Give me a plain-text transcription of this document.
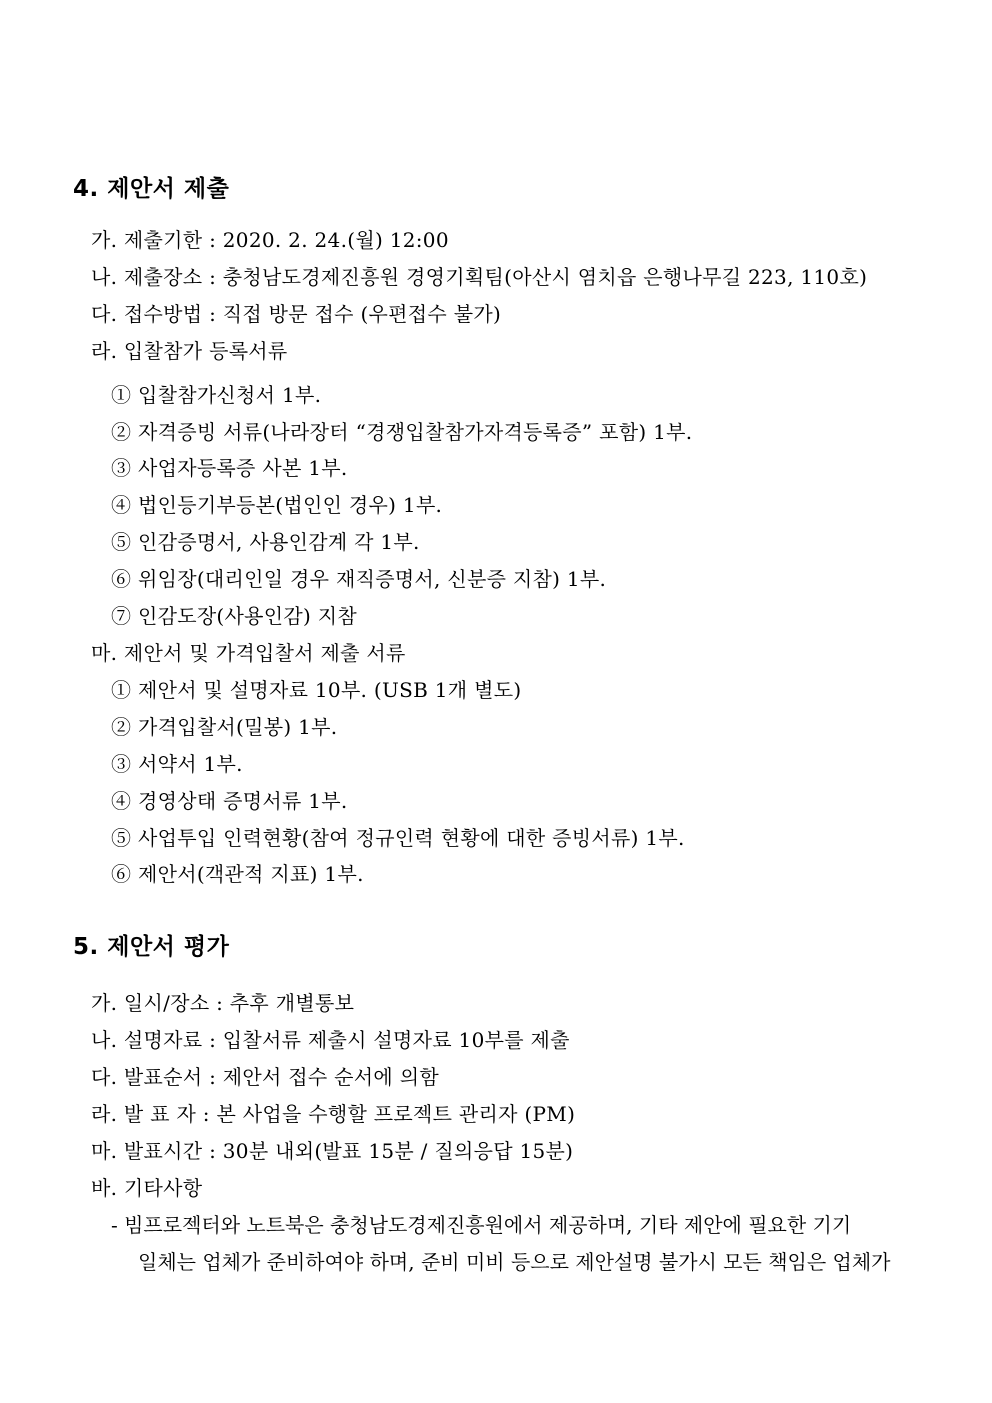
4. 제안서 제출
가. 제출기한 : 2020. 2. 24.(월) 12:00
나. 제출장소 : 충청남도경제진흥원 경영기획팀(아산시 염치읍 은행나무길 223, 110호)
다. 접수방법 : 직접 방문 접수 (우편접수 불가)
라. 입찰참가 등록서류
① 입찰참가신청서 1부.
② 자격증빙 서류(나라장터 “경쟁입찰참가자격등록증” 포함) 1부.
③ 사업자등록증 사본 1부.
④ 법인등기부등본(법인인 경우) 1부.
⑤ 인감증명서, 사용인감계 각 1부.
⑥ 위임장(대리인일 경우 재직증명서, 신분증 지참) 1부.
⑦ 인감도장(사용인감) 지참
마. 제안서 및 가격입찰서 제출 서류
① 제안서 및 설명자료 10부. (USB 1개 별도)
② 가격입찰서(밀봉) 1부.
③ 서약서 1부.
④ 경영상태 증명서류 1부.
⑤ 사업투입 인력현황(참여 정규인력 현황에 대한 증빙서류) 1부.
⑥ 제안서(객관적 지표) 1부.
5. 제안서 평가
가. 일시/장소 : 추후 개별통보
나. 설명자료 : 입찰서류 제출시 설명자료 10부를 제출
다. 발표순서 : 제안서 접수 순서에 의함
라. 발 표 자 : 본 사업을 수행할 프로젝트 관리자 (PM)
마. 발표시간 : 30분 내외(발표 15분 / 질의응답 15분)
바. 기타사항
- 빔프로젝터와 노트북은 충청남도경제진흥원에서 제공하며, 기타 제안에 필요한 기기
일체는 업체가 준비하여야 하며, 준비 미비 등으로 제안설명 불가시 모든 책임은 업체가
